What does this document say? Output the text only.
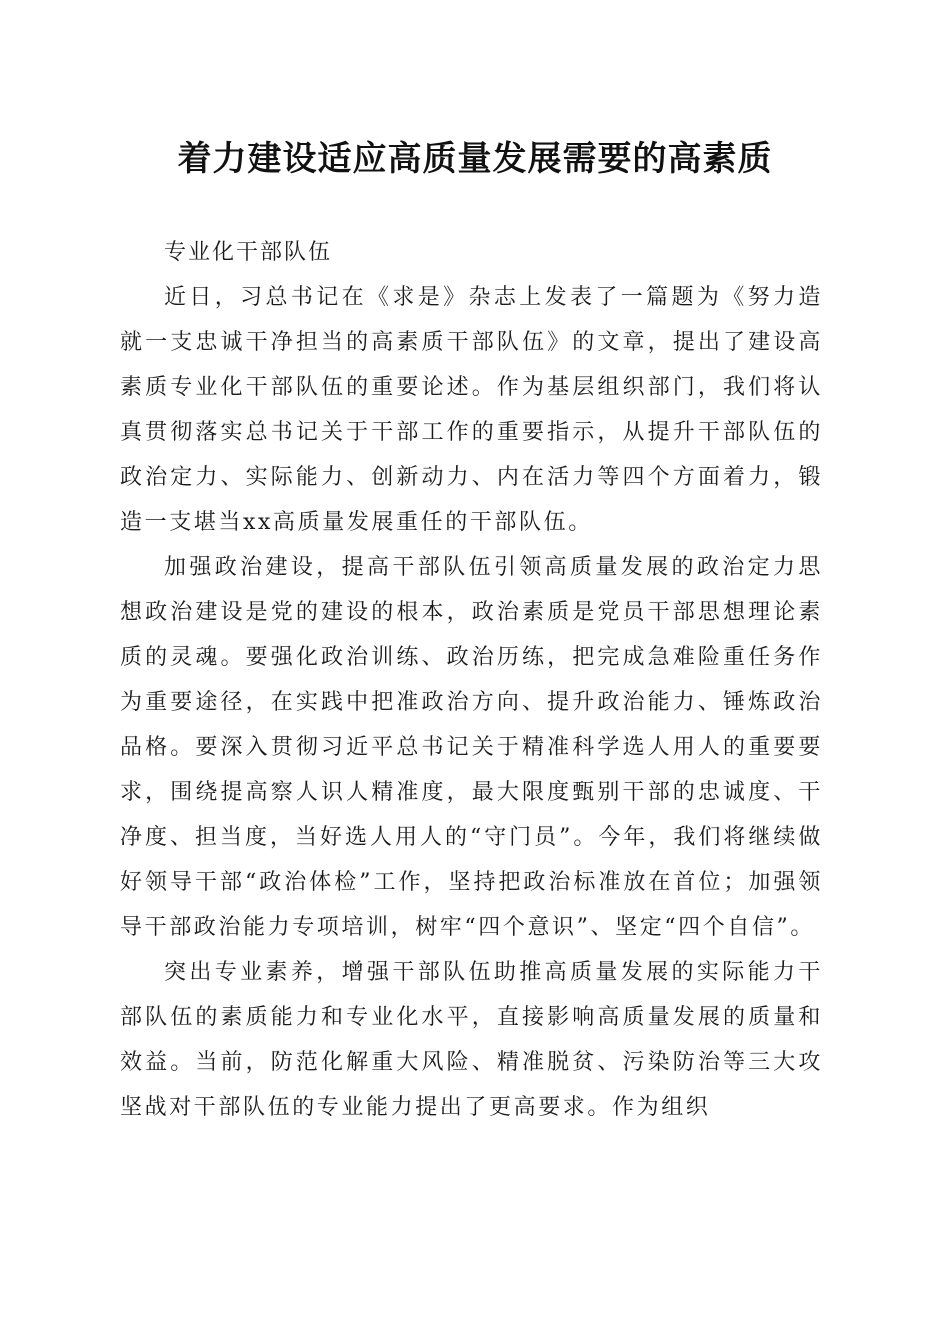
着力建设适应高质量发展需要的高素质

专业化干部队伍

近日，习总书记在《求是》杂志上发表了一篇题为《努力造就一支忠诚干净担当的高素质干部队伍》的文章，提出了建设高素质专业化干部队伍的重要论述。作为基层组织部门，我们将认真贯彻落实总书记关于干部工作的重要指示，从提升干部队伍的政治定力、实际能力、创新动力、内在活力等四个方面着力，锻造一支堪当xx高质量发展重任的干部队伍。

加强政治建设，提高干部队伍引领高质量发展的政治定力思想政治建设是党的建设的根本，政治素质是党员干部思想理论素质的灵魂。要强化政治训练、政治历练，把完成急难险重任务作为重要途径，在实践中把准政治方向、提升政治能力、锤炼政治品格。要深入贯彻习近平总书记关于精准科学选人用人的重要要求，围绕提高察人识人精准度，最大限度甄别干部的忠诚度、干净度、担当度，当好选人用人的“守门员”。今年，我们将继续做好领导干部“政治体检”工作，坚持把政治标准放在首位；加强领导干部政治能力专项培训，树牢“四个意识”、坚定“四个自信”。

突出专业素养，增强干部队伍助推高质量发展的实际能力干部队伍的素质能力和专业化水平，直接影响高质量发展的质量和效益。当前，防范化解重大风险、精准脱贫、污染防治等三大攻坚战对干部队伍的专业能力提出了更高要求。作为组织
